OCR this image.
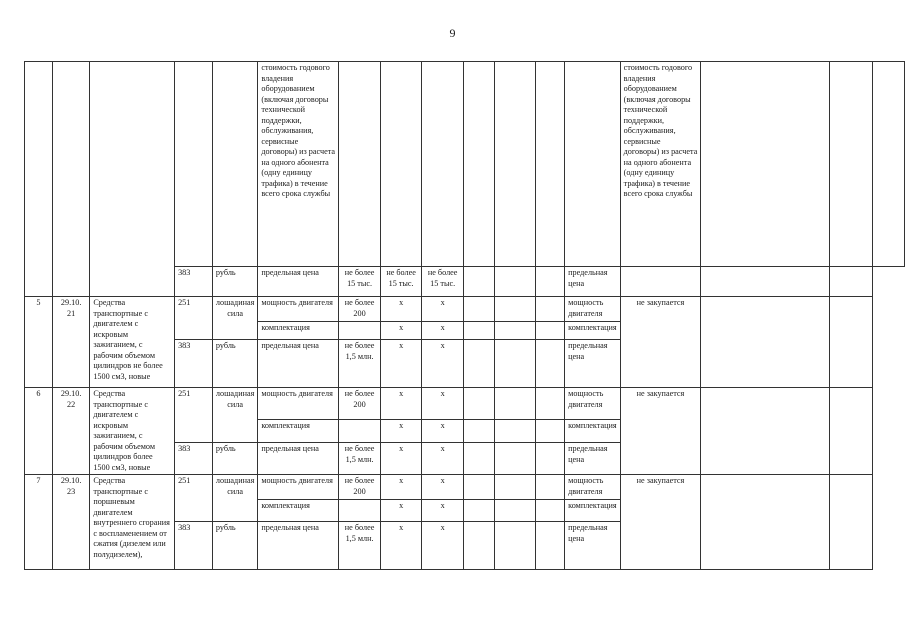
9
					стоимость годового владения оборудованием (включая договоры технической поддержки, обслуживания, сервисные договоры) из расчета на одного абонента (одну единицу трафика) в течение всего срока службы								стоимость годового владения оборудованием (включая договоры технической поддержки, обслуживания, сервисные договоры) из расчета на одного абонента (одну единицу трафика) в течение всего срока службы			
			383	рубль	предельная цена	не более 15 тыс.	не более 15 тыс.	не более 15 тыс.				предельная цена				
5	29.10. 21	Средства транспортные с двигателем с искровым зажиганием, с рабочим объемом цилиндров не более 1500 см3, новые	251	лошадиная сила	мощность двигателя	не более 200	x	x				мощность двигателя	не закупается			
					комплектация		x	x				комплектация				
			383	рубль	предельная цена	не более 1,5 млн.	x	x				предельная цена				
6	29.10. 22	Средства транспортные с двигателем с искровым зажиганием, с рабочим объемом цилиндров более 1500 см3, новые	251	лошадиная сила	мощность двигателя	не более 200	x	x				мощность двигателя	не закупается			
					комплектация		x	x				комплектация				
			383	рубль	предельная цена	не более 1,5 млн.	x	x				предельная цена				
7	29.10. 23	Средства транспортные с поршневым двигателем внутреннего сгорания с воспламенением от сжатия (дизелем или полудизелем),	251	лошадиная сила	мощность двигателя	не более 200	x	x				мощность двигателя	не закупается			
					комплектация		x	x				комплектация				
			383	рубль	предельная цена	не более 1,5 млн.	x	x				предельная цена				
